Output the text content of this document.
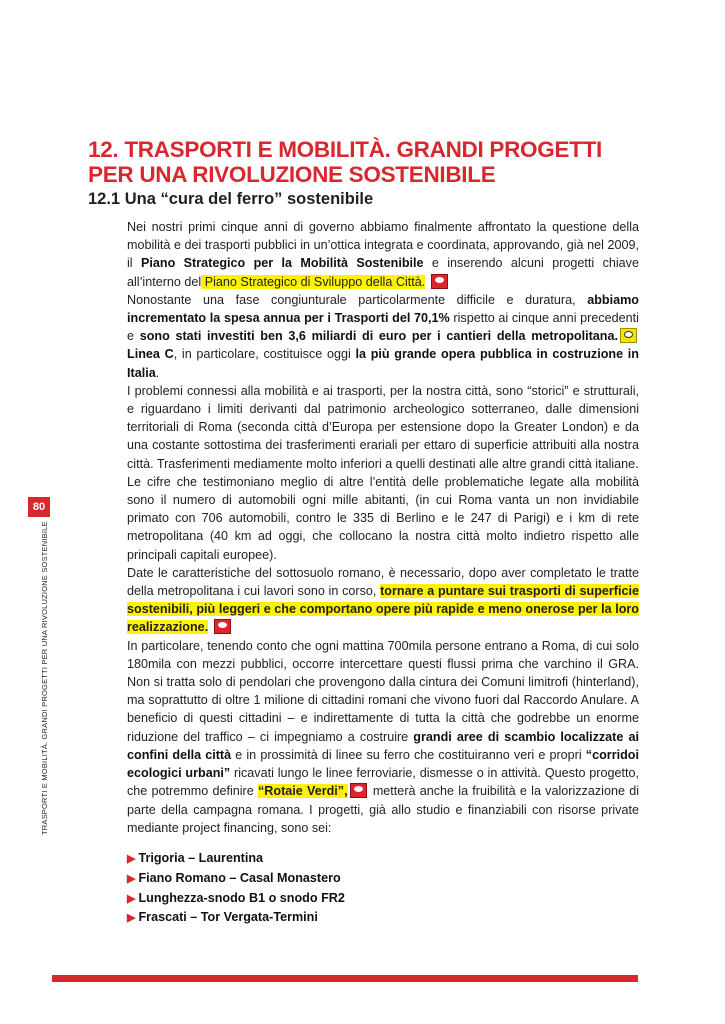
12. TRASPORTI E MOBILITÀ. GRANDI PROGETTI
PER UNA RIVOLUZIONE SOSTENIBILE
12.1 Una “cura del ferro” sostenibile

Nei nostri primi cinque anni di governo abbiamo finalmente affrontato la questione della mobilità e dei trasporti pubblici in un’ottica integrata e coordinata, approvando, già nel 2009, il Piano Strategico per la Mobilità Sostenibile e inserendo alcuni progetti chiave all’interno del Piano Strategico di Sviluppo della Città.

Nonostante una fase congiunturale particolarmente difficile e duratura, abbiamo incrementato la spesa annua per i Trasporti del 70,1% rispetto ai cinque anni precedenti e sono stati investiti ben 3,6 miliardi di euro per i cantieri della metropolitana. Linea C, in particolare, costituisce oggi la più grande opera pubblica in costruzione in Italia.

I problemi connessi alla mobilità e ai trasporti, per la nostra città, sono “storici” e strutturali, e riguardano i limiti derivanti dal patrimonio archeologico sotterraneo, dalle dimensioni territoriali di Roma (seconda città d’Europa per estensione dopo la Greater London) e da una costante sottostima dei trasferimenti erariali per ettaro di superficie attribuiti alla nostra città. Trasferimenti mediamente molto inferiori a quelli destinati alle altre grandi città italiane.

Le cifre che testimoniano meglio di altre l’entità delle problematiche legate alla mobilità sono il numero di automobili ogni mille abitanti, (in cui Roma vanta un non invidiabile primato con 706 automobili, contro le 335 di Berlino e le 247 di Parigi) e i km di rete metropolitana (40 km ad oggi, che collocano la nostra città molto indietro rispetto alle principali capitali europee).

Date le caratteristiche del sottosuolo romano, è necessario, dopo aver completato le tratte della metropolitana i cui lavori sono in corso, tornare a puntare sui trasporti di superficie sostenibili, più leggeri e che comportano opere più rapide e meno onerose per la loro realizzazione.

In particolare, tenendo conto che ogni mattina 700mila persone entrano a Roma, di cui solo 180mila con mezzi pubblici, occorre intercettare questi flussi prima che varchino il GRA. Non si tratta solo di pendolari che provengono dalla cintura dei Comuni limitrofi (hinterland), ma soprattutto di oltre 1 milione di cittadini romani che vivono fuori dal Raccordo Anulare. A beneficio di questi cittadini – e indirettamente di tutta la città che godrebbe un enorme riduzione del traffico – ci impegniamo a costruire grandi aree di scambio localizzate ai confini della città e in prossimità di linee su ferro che costituiranno veri e propri “corridoi ecologici urbani” ricavati lungo le linee ferroviarie, dismesse o in attività. Questo progetto, che potremmo definire “Rotaie Verdi”, metterà anche la fruibilità e la valorizzazione di parte della campagna romana. I progetti, già allo studio e finanziabili con risorse private mediante project financing, sono sei:

▶ Trigoria – Laurentina
▶ Fiano Romano – Casal Monastero
▶ Lunghezza-snodo B1 o snodo FR2
▶ Frascati – Tor Vergata-Termini
80
TRASPORTI E MOBILITÀ. GRANDI PROGETTI PER UNA RIVOLUZIONE SOSTENIBILE
